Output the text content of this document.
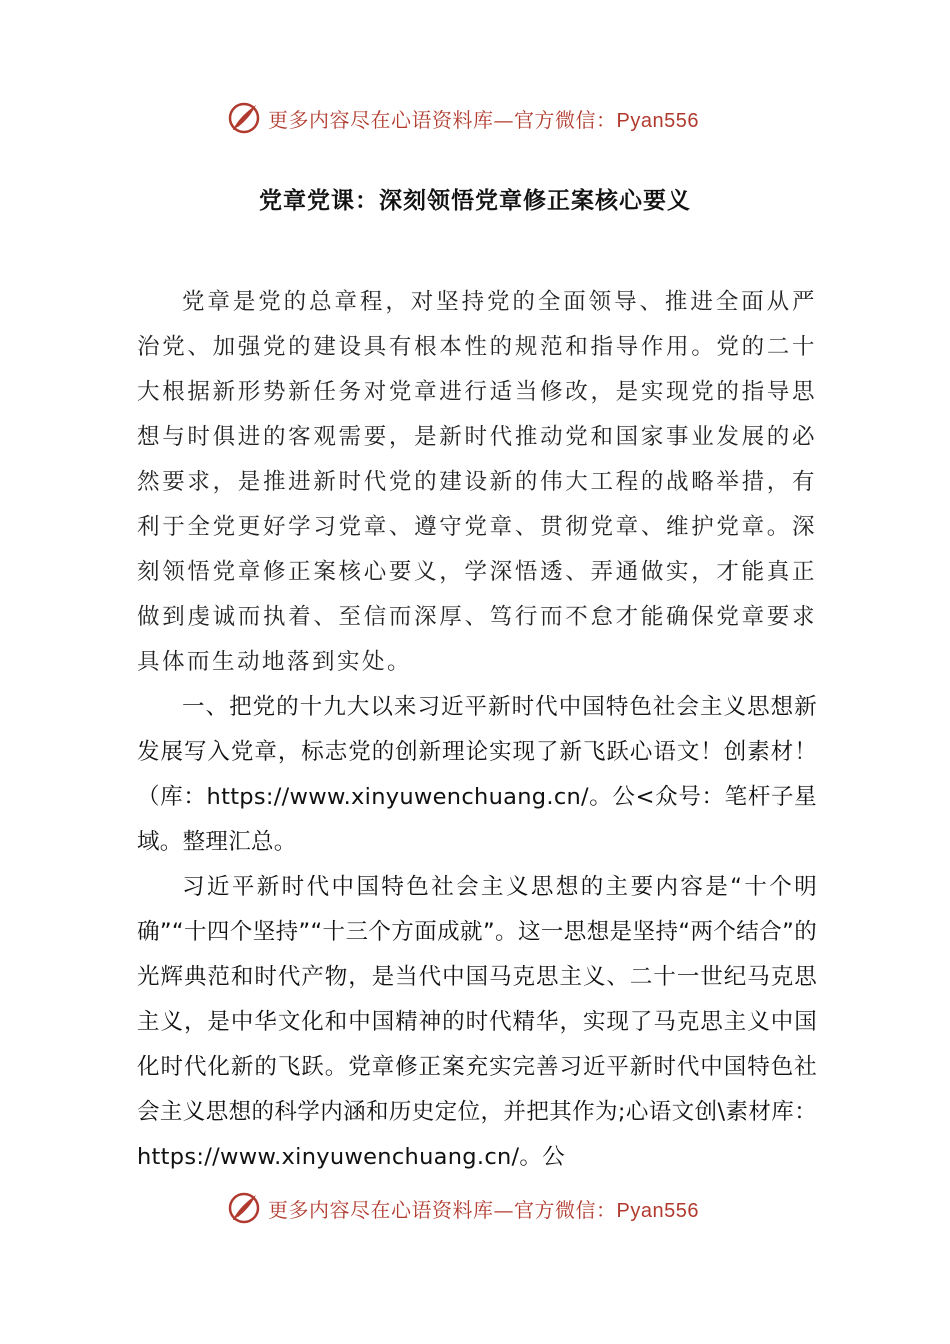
更多内容尽在心语资料库—官方微信：Pyan556
党章党课：深刻领悟党章修正案核心要义

党章是党的总章程，对坚持党的全面领导、推进全面从严治党、加强党的建设具有根本性的规范和指导作用。党的二十大根据新形势新任务对党章进行适当修改，是实现党的指导思想与时俱进的客观需要，是新时代推动党和国家事业发展的必然要求，是推进新时代党的建设新的伟大工程的战略举措，有利于全党更好学习党章、遵守党章、贯彻党章、维护党章。深刻领悟党章修正案核心要义，学深悟透、弄通做实，才能真正做到虔诚而执着、至信而深厚、笃行而不怠才能确保党章要求具体而生动地落到实处。

一、把党的十九大以来习近平新时代中国特色社会主义思想新发展写入党章，标志党的创新理论实现了新飞跃心语文！创素材！（库：https://www.xinyuwenchuang.cn/。公<众号：笔杆子星域。整理汇总。

习近平新时代中国特色社会主义思想的主要内容是“十个明确”“十四个坚持”“十三个方面成就”。这一思想是坚持“两个结合”的光辉典范和时代产物，是当代中国马克思主义、二十一世纪马克思主义，是中华文化和中国精神的时代精华，实现了马克思主义中国化时代化新的飞跃。党章修正案充实完善习近平新时代中国特色社会主义思想的科学内涵和历史定位，并把其作为;心语文创\素材库：https://www.xinyuwenchuang.cn/。公

更多内容尽在心语资料库—官方微信：Pyan556
